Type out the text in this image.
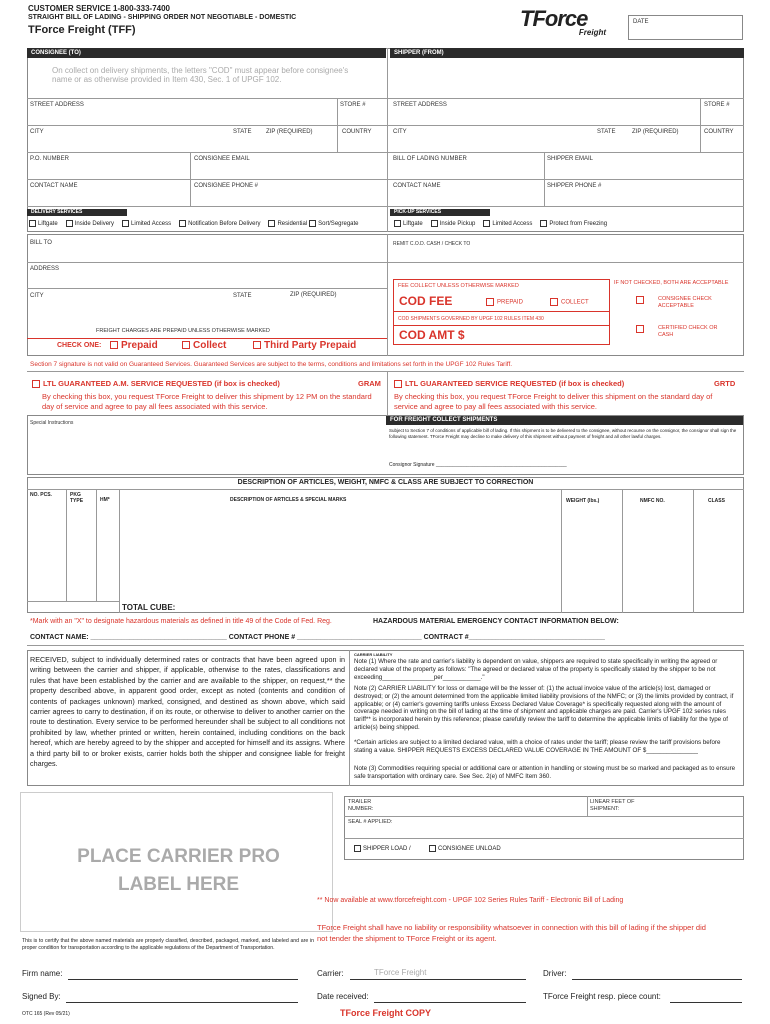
CUSTOMER SERVICE 1-800-333-7400
STRAIGHT BILL OF LADING - SHIPPING ORDER NOT NEGOTIABLE - DOMESTIC
TForce Freight (TFF)	TForce
Freight
DATE
CONSIGNEE (TO)	SHIPPER (FROM)
On collect on delivery shipments, the letters "COD" must appear before consignee's name or as otherwise provided in Item 430, Sec. 1 of UPGF 102.
STREET ADDRESS	STORE #
CITY	STATE ZIP (REQUIRED)	COUNTRY
P.O. NUMBER	CONSIGNEE EMAIL
CONTACT NAME	CONSIGNEE PHONE #
STREET ADDRESS	STORE #
CITY	STATE	ZIP (REQUIRED)	COUNTRY
BILL OF LADING NUMBER	SHIPPER EMAIL
CONTACT NAME	SHIPPER PHONE #
DELIVERY SERVICES
Liftgate	Inside Delivery	Limited Access	Notification Before Delivery	Residential	Sort/Segregate
PICK-UP SERVICES
Liftgate	Inside Pickup	Limited Access	Protect from Freezing
BILL TO
ADDRESS
CITY	STATE	ZIP (REQUIRED)
FREIGHT CHARGES ARE PREPAID UNLESS OTHERWISE MARKED
CHECK ONE:	Prepaid	Collect	Third Party Prepaid
REMIT C.O.D. CASH / CHECK TO
FEE COLLECT UNLESS OTHERWISE MARKED
COD FEE	PREPAID	COLLECT
COD SHIPMENTS GOVERNED BY UPGF 102 RULES ITEM 430
COD AMT $
IF NOT CHECKED, BOTH ARE ACCEPTABLE
CONSIGNEE CHECK ACCEPTABLE
CERTIFIED CHECK OR CASH
Section 7 signature is not valid on Guaranteed Services. Guaranteed Services are subject to the terms, conditions and limitations set forth in the UPGF 102 Rules Tariff.
LTL GUARANTEED A.M. SERVICE REQUESTED (if box is checked)	GRAM
By checking this box, you request TForce Freight to deliver this shipment by 12 PM on the standard day of service and agree to pay all fees associated with this service.
LTL GUARANTEED SERVICE REQUESTED (if box is checked)	GRTD
By checking this box, you request TForce Freight to deliver this shipment on the standard day of service and agree to pay all fees associated with this service.
Special Instructions	FOR FREIGHT COLLECT SHIPMENTS
Subject to Section 7 of conditions of applicable bill of lading. If this shipment is to be delivered to the consignee, without recourse on the consignor, the consignor shall sign the following statement. TForce Freight may decline to make delivery of this shipment without payment of freight and all other lawful charges.
Consignor Signature _______________________________________________
DESCRIPTION OF ARTICLES, WEIGHT, NMFC & CLASS ARE SUBJECT TO CORRECTION
NO. PCS.	PKG TYPE	HM*	DESCRIPTION OF ARTICLES & SPECIAL MARKS	WEIGHT (lbs.)	NMFC NO.	CLASS
TOTAL CUBE:
*Mark with an "X" to designate hazardous materials as defined in title 49 of the Code of Fed. Reg.	HAZARDOUS MATERIAL EMERGENCY CONTACT INFORMATION BELOW:
CONTACT NAME: ___________________________________ CONTACT PHONE # ________________________________ CONTRACT #___________________________________
RECEIVED, subject to individually determined rates or contracts that have been agreed upon in writing between the carrier and shipper, if applicable, otherwise to the rates, classifications and rules that have been established by the carrier and are available to the shipper, on request,** the property described above, in apparent good order, except as noted (contents and condition of contents of packages unknown) marked, consigned, and destined as shown above, which said carrier agrees to carry to destination, if on its route, or otherwise to deliver to another carrier on the route to destination. Every service to be performed hereunder shall be subject to all conditions not prohibited by law, whether printed or written, herein contained, including conditions on the back hereof, which are hereby agreed to by the shipper and accepted for himself and its assigns. Where a third party bill to or broker exists, carrier holds both the shipper and consignee liable for freight charges.
CARRIER LIABILITY
Note (1) Where the rate and carrier's liability is dependent on value, shippers are required to state specifically in writing the agreed or declared value of the property as follows: "The agreed or declared value of the property is specifically stated by the shipper to be not exceeding_______________per___________."
Note (2) CARRIER LIABILITY for loss or damage will be the lesser of: (1) the actual invoice value of the article(s) lost, damaged or destroyed; or (2) the amount determined from the applicable limited liability provisions of the NMFC; or (3) the limits provided by contract, if applicable; or (4) carrier's governing tariffs unless Excess Declared Value Coverage* is specifically requested along with the amount of coverage needed in writing on the bill of lading at the time of shipment and applicable charges are paid. Carrier's UPGF 102 series rules tariff** is incorporated herein by this reference; please carefully review the tariff to determine the applicable limits of liability for the type of article(s) being shipped.
*Certain articles are subject to a limited declared value, with a choice of rates under the tariff; please review the tariff provisions before stating a value. SHIPPER REQUESTS EXCESS DECLARED VALUE COVERAGE IN THE AMOUNT OF $_______________
Note (3) Commodities requiring special or additional care or attention in handling or stowing must be so marked and packaged as to ensure safe transportation with ordinary care. See Sec. 2(e) of NMFC Item 360.
PLACE CARRIER PRO LABEL HERE
TRAILER NUMBER:
LINEAR FEET OF SHIPMENT:
SEAL # APPLIED:
SHIPPER LOAD /	CONSIGNEE UNLOAD
** Now available at www.tforcefreight.com - UPGF 102 Series Rules Tariff - Electronic Bill of Lading
TForce Freight shall have no liability or responsibility whatsoever in connection with this bill of lading if the shipper did not tender the shipment to TForce Freight or its agent.
This is to certify that the above named materials are properly classified, described, packaged, marked, and labeled and are in proper condition for transportation according to the applicable regulations of the Department of Transportation.
Firm name:
Signed By:
Carrier:	TForce Freight	Driver:
Date received:	TForce Freight resp. piece count:
OTC 165 (Rev 05/21)	TForce Freight COPY
